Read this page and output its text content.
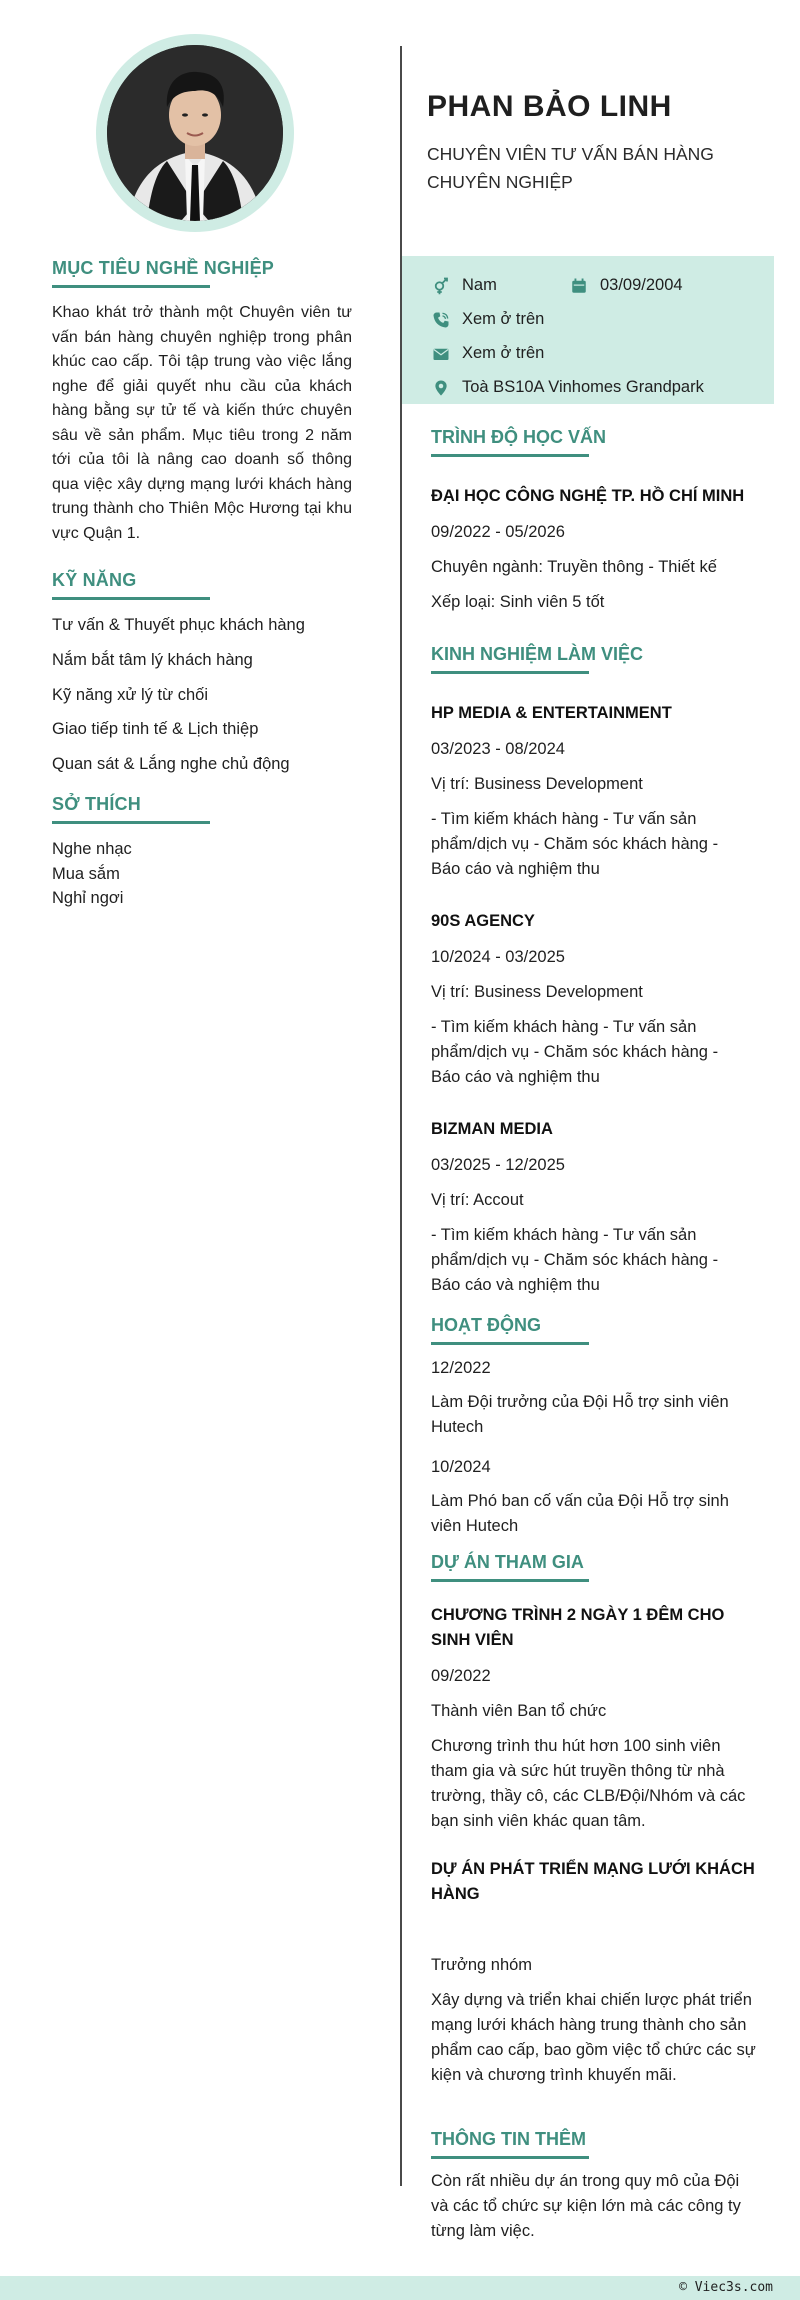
MỤC TIÊU NGHỀ NGHIỆP
Khao khát trở thành một Chuyên viên tư vấn bán hàng chuyên nghiệp trong phân khúc cao cấp. Tôi tập trung vào việc lắng nghe để giải quyết nhu cầu của khách hàng bằng sự tử tế và kiến thức chuyên sâu về sản phẩm. Mục tiêu trong 2 năm tới của tôi là nâng cao doanh số thông qua việc xây dựng mạng lưới khách hàng trung thành cho Thiên Mộc Hương tại khu vực Quận 1.
KỸ NĂNG
Tư vấn & Thuyết phục khách hàng
Nắm bắt tâm lý khách hàng
Kỹ năng xử lý từ chối
Giao tiếp tinh tế & Lịch thiệp
Quan sát & Lắng nghe chủ động
SỞ THÍCH
Nghe nhạc
Mua sắm
Nghỉ ngơi
PHAN BẢO LINH
CHUYÊN VIÊN TƯ VẤN BÁN HÀNG CHUYÊN NGHIỆP
Nam	03/09/2004
Xem ở trên
Xem ở trên
Toà BS10A Vinhomes Grandpark
TRÌNH ĐỘ HỌC VẤN
ĐẠI HỌC CÔNG NGHỆ TP. HỒ CHÍ MINH
09/2022 - 05/2026
Chuyên ngành: Truyền thông - Thiết kế
Xếp loại: Sinh viên 5 tốt
KINH NGHIỆM LÀM VIỆC
HP MEDIA & ENTERTAINMENT
03/2023 - 08/2024
Vị trí: Business Development
- Tìm kiếm khách hàng - Tư vấn sản phẩm/dịch vụ - Chăm sóc khách hàng - Báo cáo và nghiệm thu
90S AGENCY
10/2024 - 03/2025
Vị trí: Business Development
- Tìm kiếm khách hàng - Tư vấn sản phẩm/dịch vụ - Chăm sóc khách hàng - Báo cáo và nghiệm thu
BIZMAN MEDIA
03/2025 - 12/2025
Vị trí: Accout
- Tìm kiếm khách hàng - Tư vấn sản phẩm/dịch vụ - Chăm sóc khách hàng - Báo cáo và nghiệm thu
HOẠT ĐỘNG
12/2022
Làm Đội trưởng của Đội Hỗ trợ sinh viên Hutech
10/2024
Làm Phó ban cố vấn của Đội Hỗ trợ sinh viên Hutech
DỰ ÁN THAM GIA
CHƯƠNG TRÌNH 2 NGÀY 1 ĐÊM CHO SINH VIÊN
09/2022
Thành viên Ban tổ chức
Chương trình thu hút hơn 100 sinh viên tham gia và sức hút truyền thông từ nhà trường, thầy cô, các CLB/Đội/Nhóm và các bạn sinh viên khác quan tâm.
DỰ ÁN PHÁT TRIỂN MẠNG LƯỚI KHÁCH HÀNG
Trưởng nhóm
Xây dựng và triển khai chiến lược phát triển mạng lưới khách hàng trung thành cho sản phẩm cao cấp, bao gồm việc tổ chức các sự kiện và chương trình khuyến mãi.
THÔNG TIN THÊM
Còn rất nhiều dự án trong quy mô của Đội và các tổ chức sự kiện lớn mà các công ty từng làm việc.
© Viec3s.com
